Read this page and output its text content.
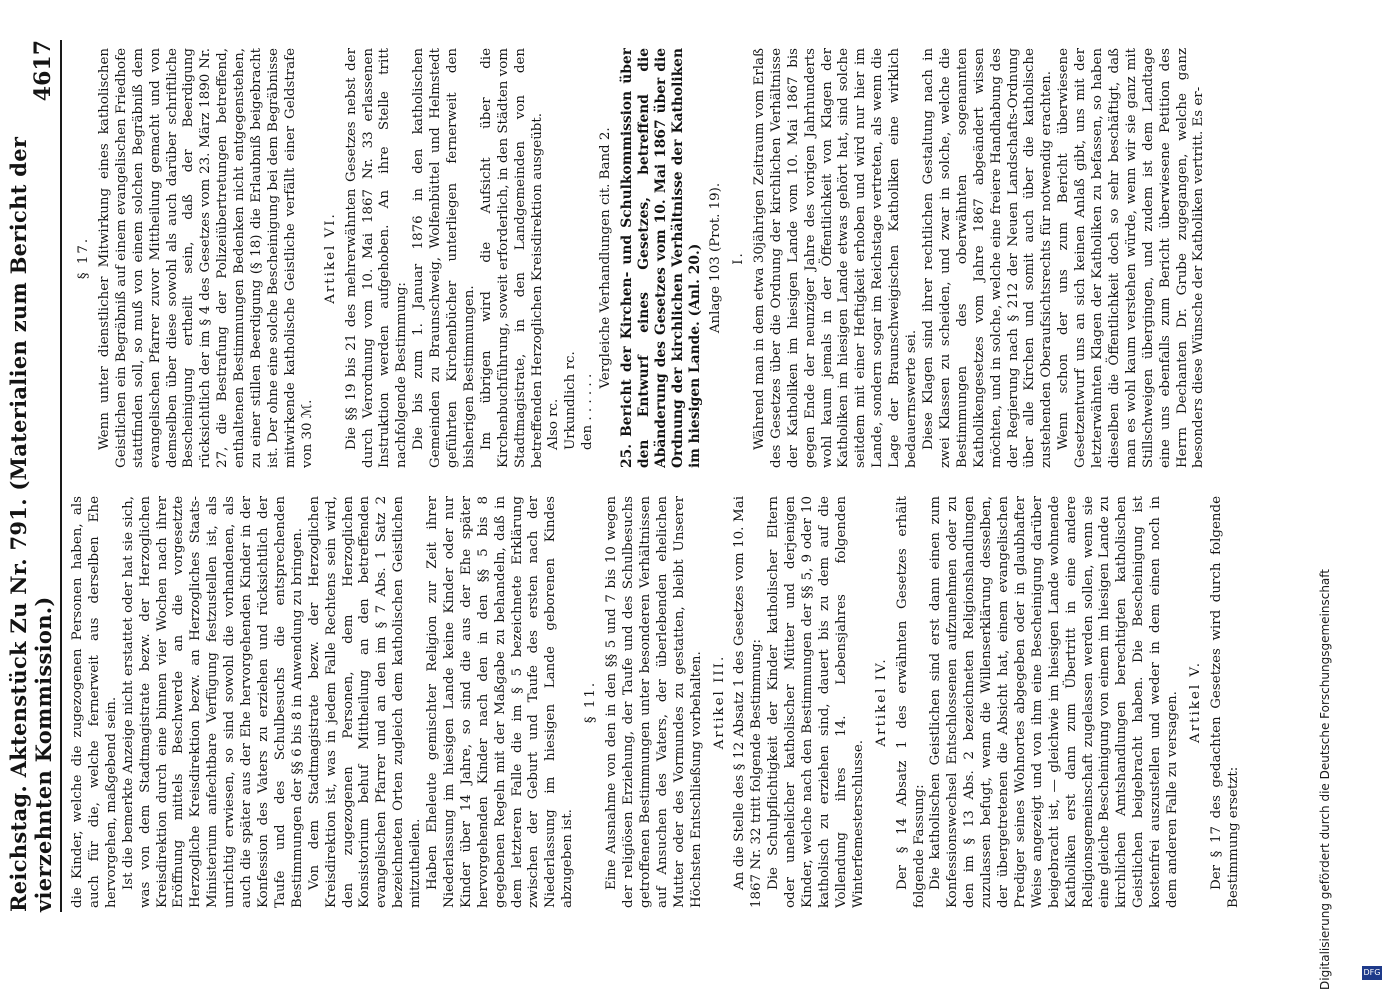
Reichstag. Aktenstück Zu Nr. 791. (Materialien zum Bericht der vierzehnten Kommission.)
4617

die Kinder, welche die zugezogenen Personen haben, als auch für die, welche fernerweit aus derselben Ehe hervorgehen, maßgebend sein. Ist die bemerkte Anzeige nicht erstattet oder hat sie sich, was von dem Stadtmagistrate bezw. der Herzoglichen Kreisdirektion durch eine binnen vier Wochen nach ihrer Eröffnung mittels Beschwerde an die vorgesetzte Herzogliche Kreisdirektion bezw. an Herzogliches Staats-Ministerium anfechtbare Verfügung festzustellen ist, als unrichtig erwiesen, so sind sowohl die vorhandenen, als auch die später aus der Ehe hervorgehenden Kinder in der Konfession des Vaters zu erziehen und rücksichtlich der Taufe und des Schulbesuchs die entsprechenden Bestimmungen der §§ 6 bis 8 in Anwendung zu bringen. Von dem Stadtmagistrate bezw. der Herzoglichen Kreisdirektion ist, was in jedem Falle Rechtens sein wird, den zugezogenen Personen, dem Herzoglichen Konsistorium behuf Mittheilung an den betreffenden evangelischen Pfarrer und an den im § 7 Abs. 1 Satz 2 bezeichneten Orten zugleich dem katholischen Geistlichen mitzutheilen. Haben Eheleute gemischter Religion zur Zeit ihrer Niederlassung im hiesigen Lande keine Kinder oder nur Kinder über 14 Jahre, so sind die aus der Ehe später hervorgehenden Kinder nach den in den §§ 5 bis 8 gegebenen Regeln mit der Maßgabe zu behandeln, daß in dem letzteren Falle die im § 5 bezeichnete Erklärung zwischen der Geburt und Taufe des ersten nach der Niederlassung im hiesigen Lande geborenen Kindes abzugeben ist.

§ 11. Eine Ausnahme von den in den §§ 5 und 7 bis 10 wegen der religiösen Erziehung, der Taufe und des Schulbesuchs getroffenen Bestimmungen unter besonderen Verhältnissen auf Ansuchen des Vaters, der überlebenden ehelichen Mutter oder des Vormundes zu gestatten, bleibt Unserer Höchsten Entschließung vorbehalten. Artikel III. An die Stelle des § 12 Absatz 1 des Gesetzes vom 10. Mai 1867 Nr. 32 tritt folgende Bestimmung: Die Schulpflichtigkeit der Kinder katholischer Eltern oder unehelicher katholischer Mütter und derjenigen Kinder, welche nach den Bestimmungen der §§ 5, 9 oder 10 katholisch zu erziehen sind, dauert bis zu dem auf die Vollendung ihres 14. Lebensjahres folgenden Winterfemesterschlusse.

Artikel IV. Der § 14 Absatz 1 des erwähnten Gesetzes erhält folgende Fassung: Die katholischen Geistlichen sind erst dann einen zum Konfessionswechsel Entschlossenen aufzunehmen oder zu den im § 13 Abs. 2 bezeichneten Religionshandlungen zuzulassen befugt, wenn die Willenserklärung desselben, der übergetretenen die Absicht hat, einem evangelischen Prediger seines Wohnortes abgegeben oder in glaubhafter Weise angezeigt und von ihm eine Bescheinigung darüber beigebracht ist, — gleichwie im hiesigen Lande wohnende Katholiken erst dann zum Übertritt in eine andere Religionsgemeinschaft zugelassen werden sollen, wenn sie eine gleiche Bescheinigung von einem im hiesigen Lande zu kirchlichen Amtshandlungen berechtigten katholischen Geistlichen beigebracht haben. Die Bescheinigung ist kostenfrei auszustellen und weder in dem einen noch in dem anderen Falle zu versagen. Artikel V. Der § 17 des gedachten Gesetzes wird durch folgende Bestimmung ersetzt:

§ 17. Wenn unter dienstlicher Mitwirkung eines katholischen Geistlichen ein Begräbniß auf einem evangelischen Friedhofe stattfinden soll, so muß von einem solchen Begräbniß dem evangelischen Pfarrer zuvor Mittheilung gemacht und von demselben über diese sowohl als auch darüber schriftliche Bescheinigung ertheilt sein, daß der Beerdigung rücksichtlich der im § 4 des Gesetzes vom 23. März 1890 Nr. 27, die Bestrafung der Polizeiübertretungen betreffend, enthaltenen Bestimmungen Bedenken nicht entgegenstehen, zu einer stillen Beerdigung (§ 18) die Erlaubniß beigebracht ist. Der ohne eine solche Bescheinigung bei dem Begräbnisse mitwirkende katholische Geistliche verfällt einer Geldstrafe von 30 ℳ.

Artikel VI. Die §§ 19 bis 21 des mehrerwähnten Gesetzes nebst der durch Verordnung vom 10. Mai 1867 Nr. 33 erlassenen Instruktion werden aufgehoben. An ihre Stelle tritt nachfolgende Bestimmung: Die bis zum 1. Januar 1876 in den katholischen Gemeinden zu Braunschweig, Wolfenbüttel und Helmstedt geführten Kirchenbücher unterliegen fernerweit den bisherigen Bestimmungen. Im übrigen wird die Aufsicht über die Kirchenbuchführung, soweit erforderlich, in den Städten vom Stadtmagistrate, in den Landgemeinden von den betreffenden Herzoglichen Kreisdirektion ausgeübt. Also rc. Urkundlich rc. den . . . . . .

Vergleiche Verhandlungen cit. Band 2. 25. Bericht der Kirchen- und Schulkommission über den Entwurf eines Gesetzes, betreffend die Abänderung des Gesetzes vom 10. Mai 1867 über die Ordnung der kirchlichen Verhältnisse der Katholiken im hiesigen Lande. (Anl. 20.) Anlage 103 (Prot. 19). I. Während man in dem etwa 30jährigen Zeitraum vom Erlaß des Gesetzes über die Ordnung der kirchlichen Verhältnisse der Katholiken im hiesigen Lande vom 10. Mai 1867 bis gegen Ende der neunziger Jahre des vorigen Jahrhunderts wohl kaum jemals in der Öffentlichkeit von Klagen der Katholiken im hiesigen Lande etwas gehört hat, sind solche seitdem mit einer Heftigkeit erhoben und wird nur hier im Lande, sondern sogar im Reichstage vertreten, als wenn die Lage der Braunschweigischen Katholiken eine wirklich bedauernswerte sei. Diese Klagen sind ihrer rechtlichen Gestaltung nach in zwei Klassen zu scheiden, und zwar in solche, welche die Bestimmungen des oberwähnten sogenannten Katholikengesetzes vom Jahre 1867 abgeändert wissen möchten, und in solche, welche eine freiere Handhabung des der Regierung nach § 212 der Neuen Landschafts-Ordnung über alle Kirchen und somit auch über die katholische zustehenden Oberaufsichtsrechts für notwendig erachten. Wenn schon der uns zum Bericht überwiesene Gesetzentwurf uns an sich keinen Anlaß gibt, uns mit der letzterwähnten Klagen der Katholiken zu befassen, so haben dieselben die Öffentlichkeit doch so sehr beschäftigt, daß man es wohl kaum verstehen würde, wenn wir sie ganz mit Stillschweigen übergingen, und zudem ist dem Landtage eine uns ebenfalls zum Bericht überwiesene Petition des Herrn Dechanten Dr. Grube zugegangen, welche ganz besonders diese Wünsche der Katholiken vertritt. Es er-

Digitalisierung gefördert durch die Deutsche Forschungsgemeinschaft	DFG
